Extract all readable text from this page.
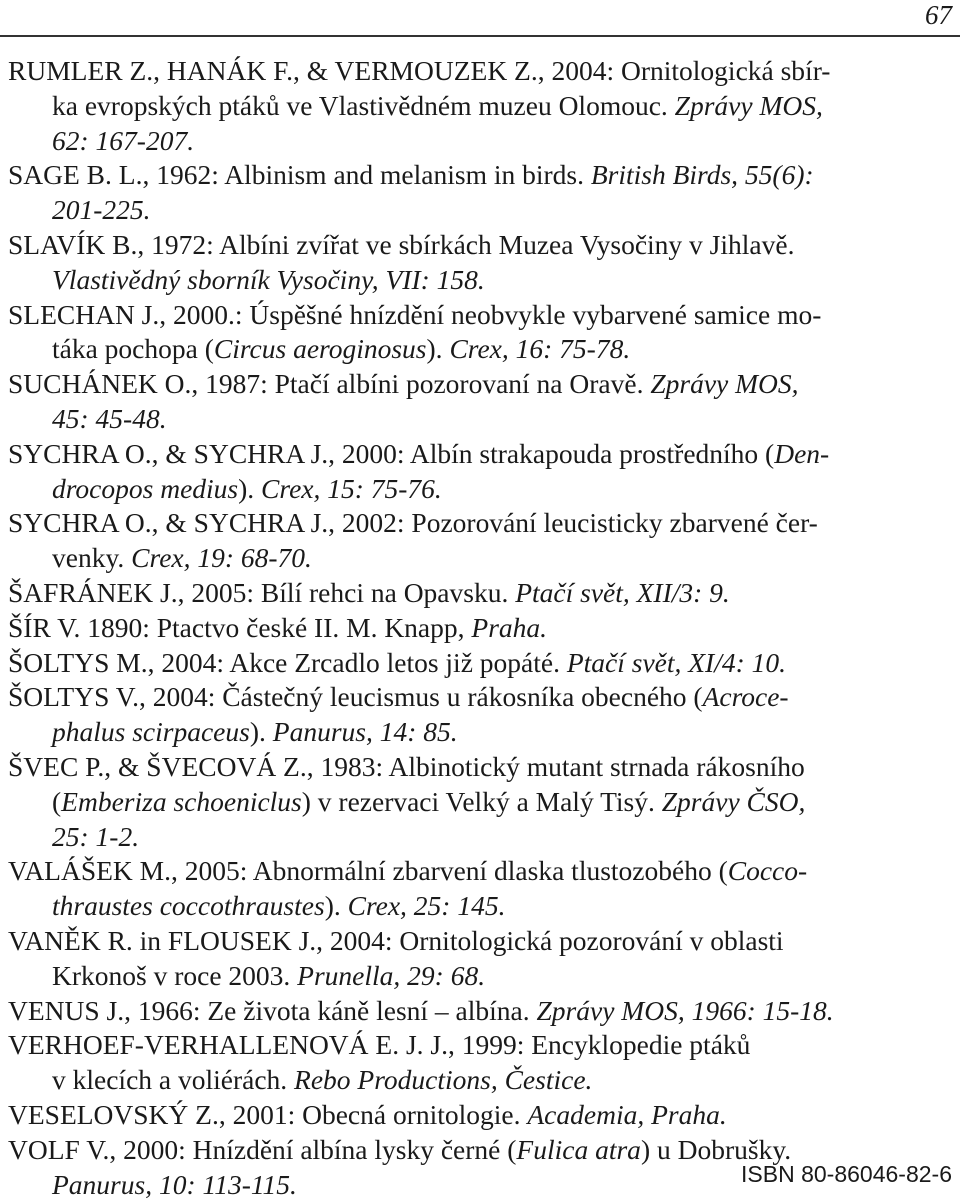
67
RUMLER Z., HANÁK F., & VERMOUZEK Z., 2004: Ornitologická sbír-
ka evropských ptáků ve Vlastivědném muzeu Olomouc. Zprávy MOS,
62: 167-207.
SAGE B. L., 1962: Albinism and melanism in birds. British Birds, 55(6):
201-225.
SLAVÍK B., 1972: Albíni zvířat ve sbírkách Muzea Vysočiny v Jihlavě.
Vlastivědný sborník Vysočiny, VII: 158.
SLECHAN J., 2000.: Úspěšné hnízdění neobvykle vybarvené samice mo-
táka pochopa (Circus aeroginosus). Crex, 16: 75-78.
SUCHÁNEK O., 1987: Ptačí albíni pozorovaní na Oravě. Zprávy MOS,
45: 45-48.
SYCHRA O., & SYCHRA J., 2000: Albín strakapouda prostředního (Den-
drocopos medius). Crex, 15: 75-76.
SYCHRA O., & SYCHRA J., 2002: Pozorování leucisticky zbarvené čer-
venky. Crex, 19: 68-70.
ŠAFRÁNEK J., 2005: Bílí rehci na Opavsku. Ptačí svět, XII/3: 9.
ŠÍR V. 1890: Ptactvo české II. M. Knapp, Praha.
ŠOLTYS M., 2004: Akce Zrcadlo letos již popáté. Ptačí svět, XI/4: 10.
ŠOLTYS V., 2004: Částečný leucismus u rákosníka obecného (Acroce-
phalus scirpaceus). Panurus, 14: 85.
ŠVEC P., & ŠVECOVÁ Z., 1983: Albinotický mutant strnada rákosního
(Emberiza schoeniclus) v rezervaci Velký a Malý Tisý. Zprávy ČSO,
25: 1-2.
VALÁŠEK M., 2005: Abnormální zbarvení dlaska tlustozobého (Cocco-
thraustes coccothraustes). Crex, 25: 145.
VANĚK R. in FLOUSEK J., 2004: Ornitologická pozorování v oblasti
Krkonoš v roce 2003. Prunella, 29: 68.
VENUS J., 1966: Ze života káně lesní – albína. Zprávy MOS, 1966: 15-18.
VERHOEF-VERHALLENOVÁ E. J. J., 1999: Encyklopedie ptáků
v klecích a voliérách. Rebo Productions, Čestice.
VESELOVSKÝ Z., 2001: Obecná ornitologie. Academia, Praha.
VOLF V., 2000: Hnízdění albína lysky černé (Fulica atra) u Dobrušky.
Panurus, 10: 113-115.	ISBN 80-86046-82-6
